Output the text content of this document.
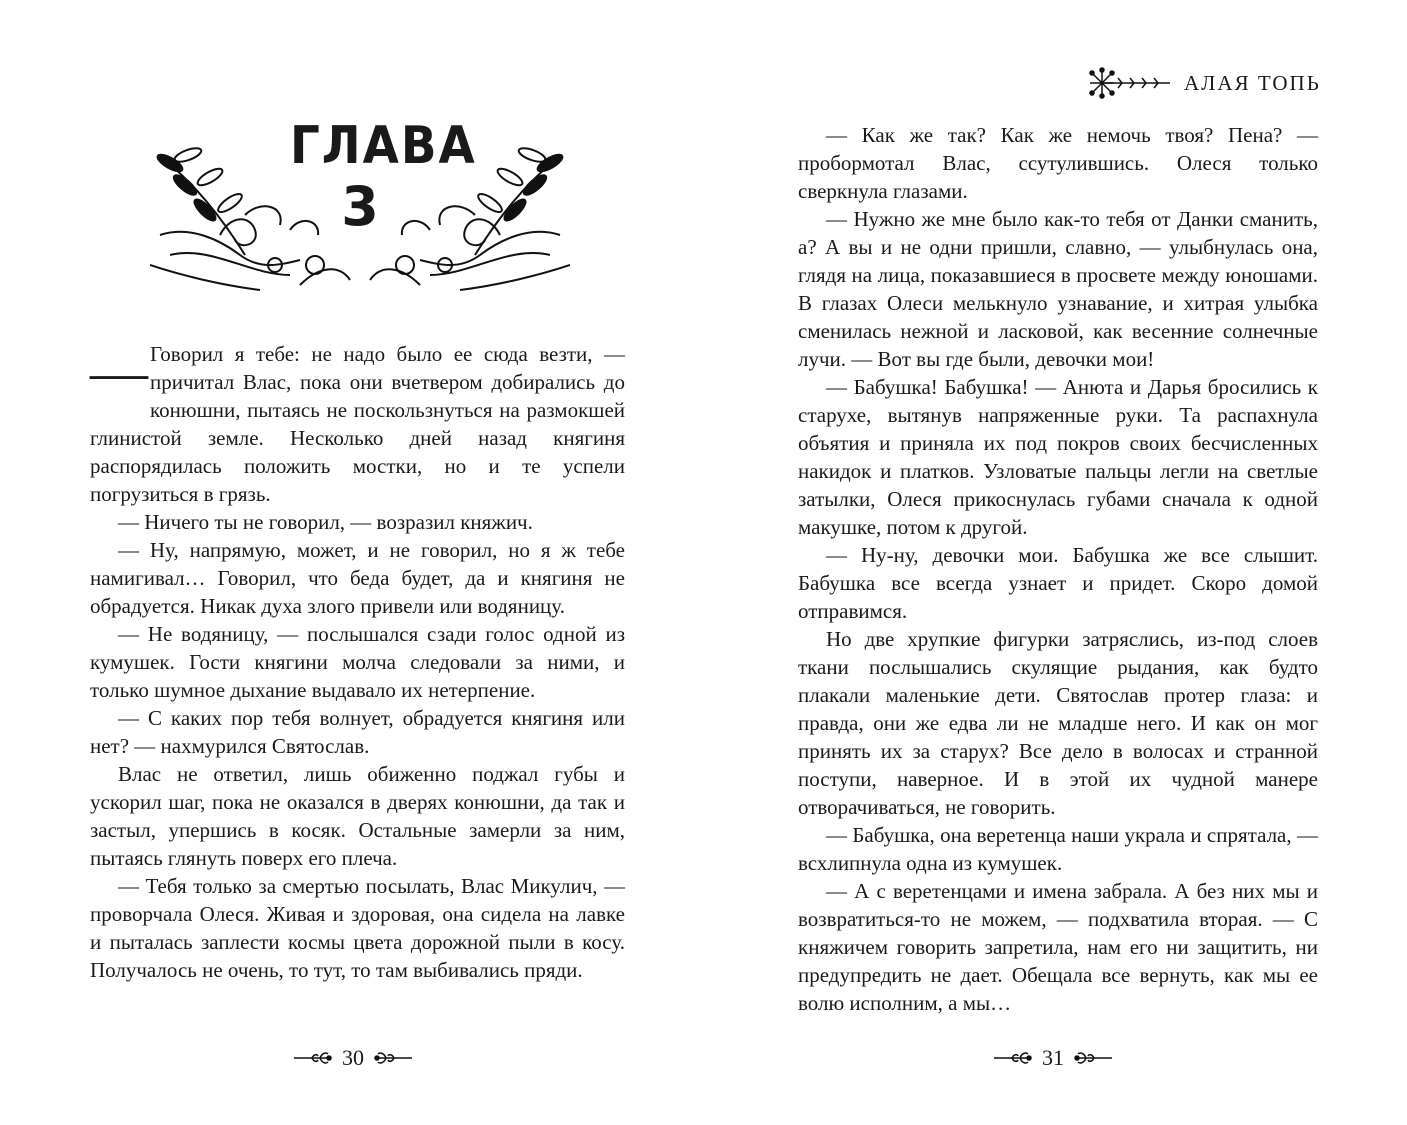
ГЛАВА
3

— Говорил я тебе: не надо было ее сюда везти, — причитал Влас, пока они вчетвером добирались до конюшни, пытаясь не поскользнуться на размокшей глинистой земле. Несколько дней назад княгиня распорядилась положить мостки, но и те успели погрузиться в грязь.

— Ничего ты не говорил, — возразил княжич.

— Ну, напрямую, может, и не говорил, но я ж тебе намигивал… Говорил, что беда будет, да и княгиня не обрадуется. Никак духа злого привели или водяницу.

— Не водяницу, — послышался сзади голос одной из кумушек. Гости княгини молча следовали за ними, и только шумное дыхание выдавало их нетерпение.

— С каких пор тебя волнует, обрадуется княгиня или нет? — нахмурился Святослав.

Влас не ответил, лишь обиженно поджал губы и ускорил шаг, пока не оказался в дверях конюшни, да так и застыл, упершись в косяк. Остальные замерли за ним, пытаясь глянуть поверх его плеча.

— Тебя только за смертью посылать, Влас Микулич, — проворчала Олеся. Живая и здоровая, она сидела на лавке и пыталась заплести космы цвета дорожной пыли в косу. Получалось не очень, то тут, то там выбивались пряди.

30
АЛАЯ ТОПЬ

— Как же так? Как же немочь твоя? Пена? — пробормотал Влас, ссутулившись. Олеся только сверкнула глазами.

— Нужно же мне было как-то тебя от Данки сманить, а? А вы и не одни пришли, славно, — улыбнулась она, глядя на лица, показавшиеся в просвете между юношами. В глазах Олеси мелькнуло узнавание, и хитрая улыбка сменилась нежной и ласковой, как весенние солнечные лучи. — Вот вы где были, девочки мои!

— Бабушка! Бабушка! — Анюта и Дарья бросились к старухе, вытянув напряженные руки. Та распахнула объятия и приняла их под покров своих бесчисленных накидок и платков. Узловатые пальцы легли на светлые затылки, Олеся прикоснулась губами сначала к одной макушке, потом к другой.

— Ну-ну, девочки мои. Бабушка же все слышит. Бабушка все всегда узнает и придет. Скоро домой отправимся.

Но две хрупкие фигурки затряслись, из-под слоев ткани послышались скулящие рыдания, как будто плакали маленькие дети. Святослав протер глаза: и правда, они же едва ли не младше него. И как он мог принять их за старух? Все дело в волосах и странной поступи, наверное. И в этой их чудной манере отворачиваться, не говорить.

— Бабушка, она веретенца наши украла и спрятала, — всхлипнула одна из кумушек.

— А с веретенцами и имена забрала. А без них мы и возвратиться-то не можем, — подхватила вторая. — С княжичем говорить запретила, нам его ни защитить, ни предупредить не дает. Обещала все вернуть, как мы ее волю исполним, а мы…

31
